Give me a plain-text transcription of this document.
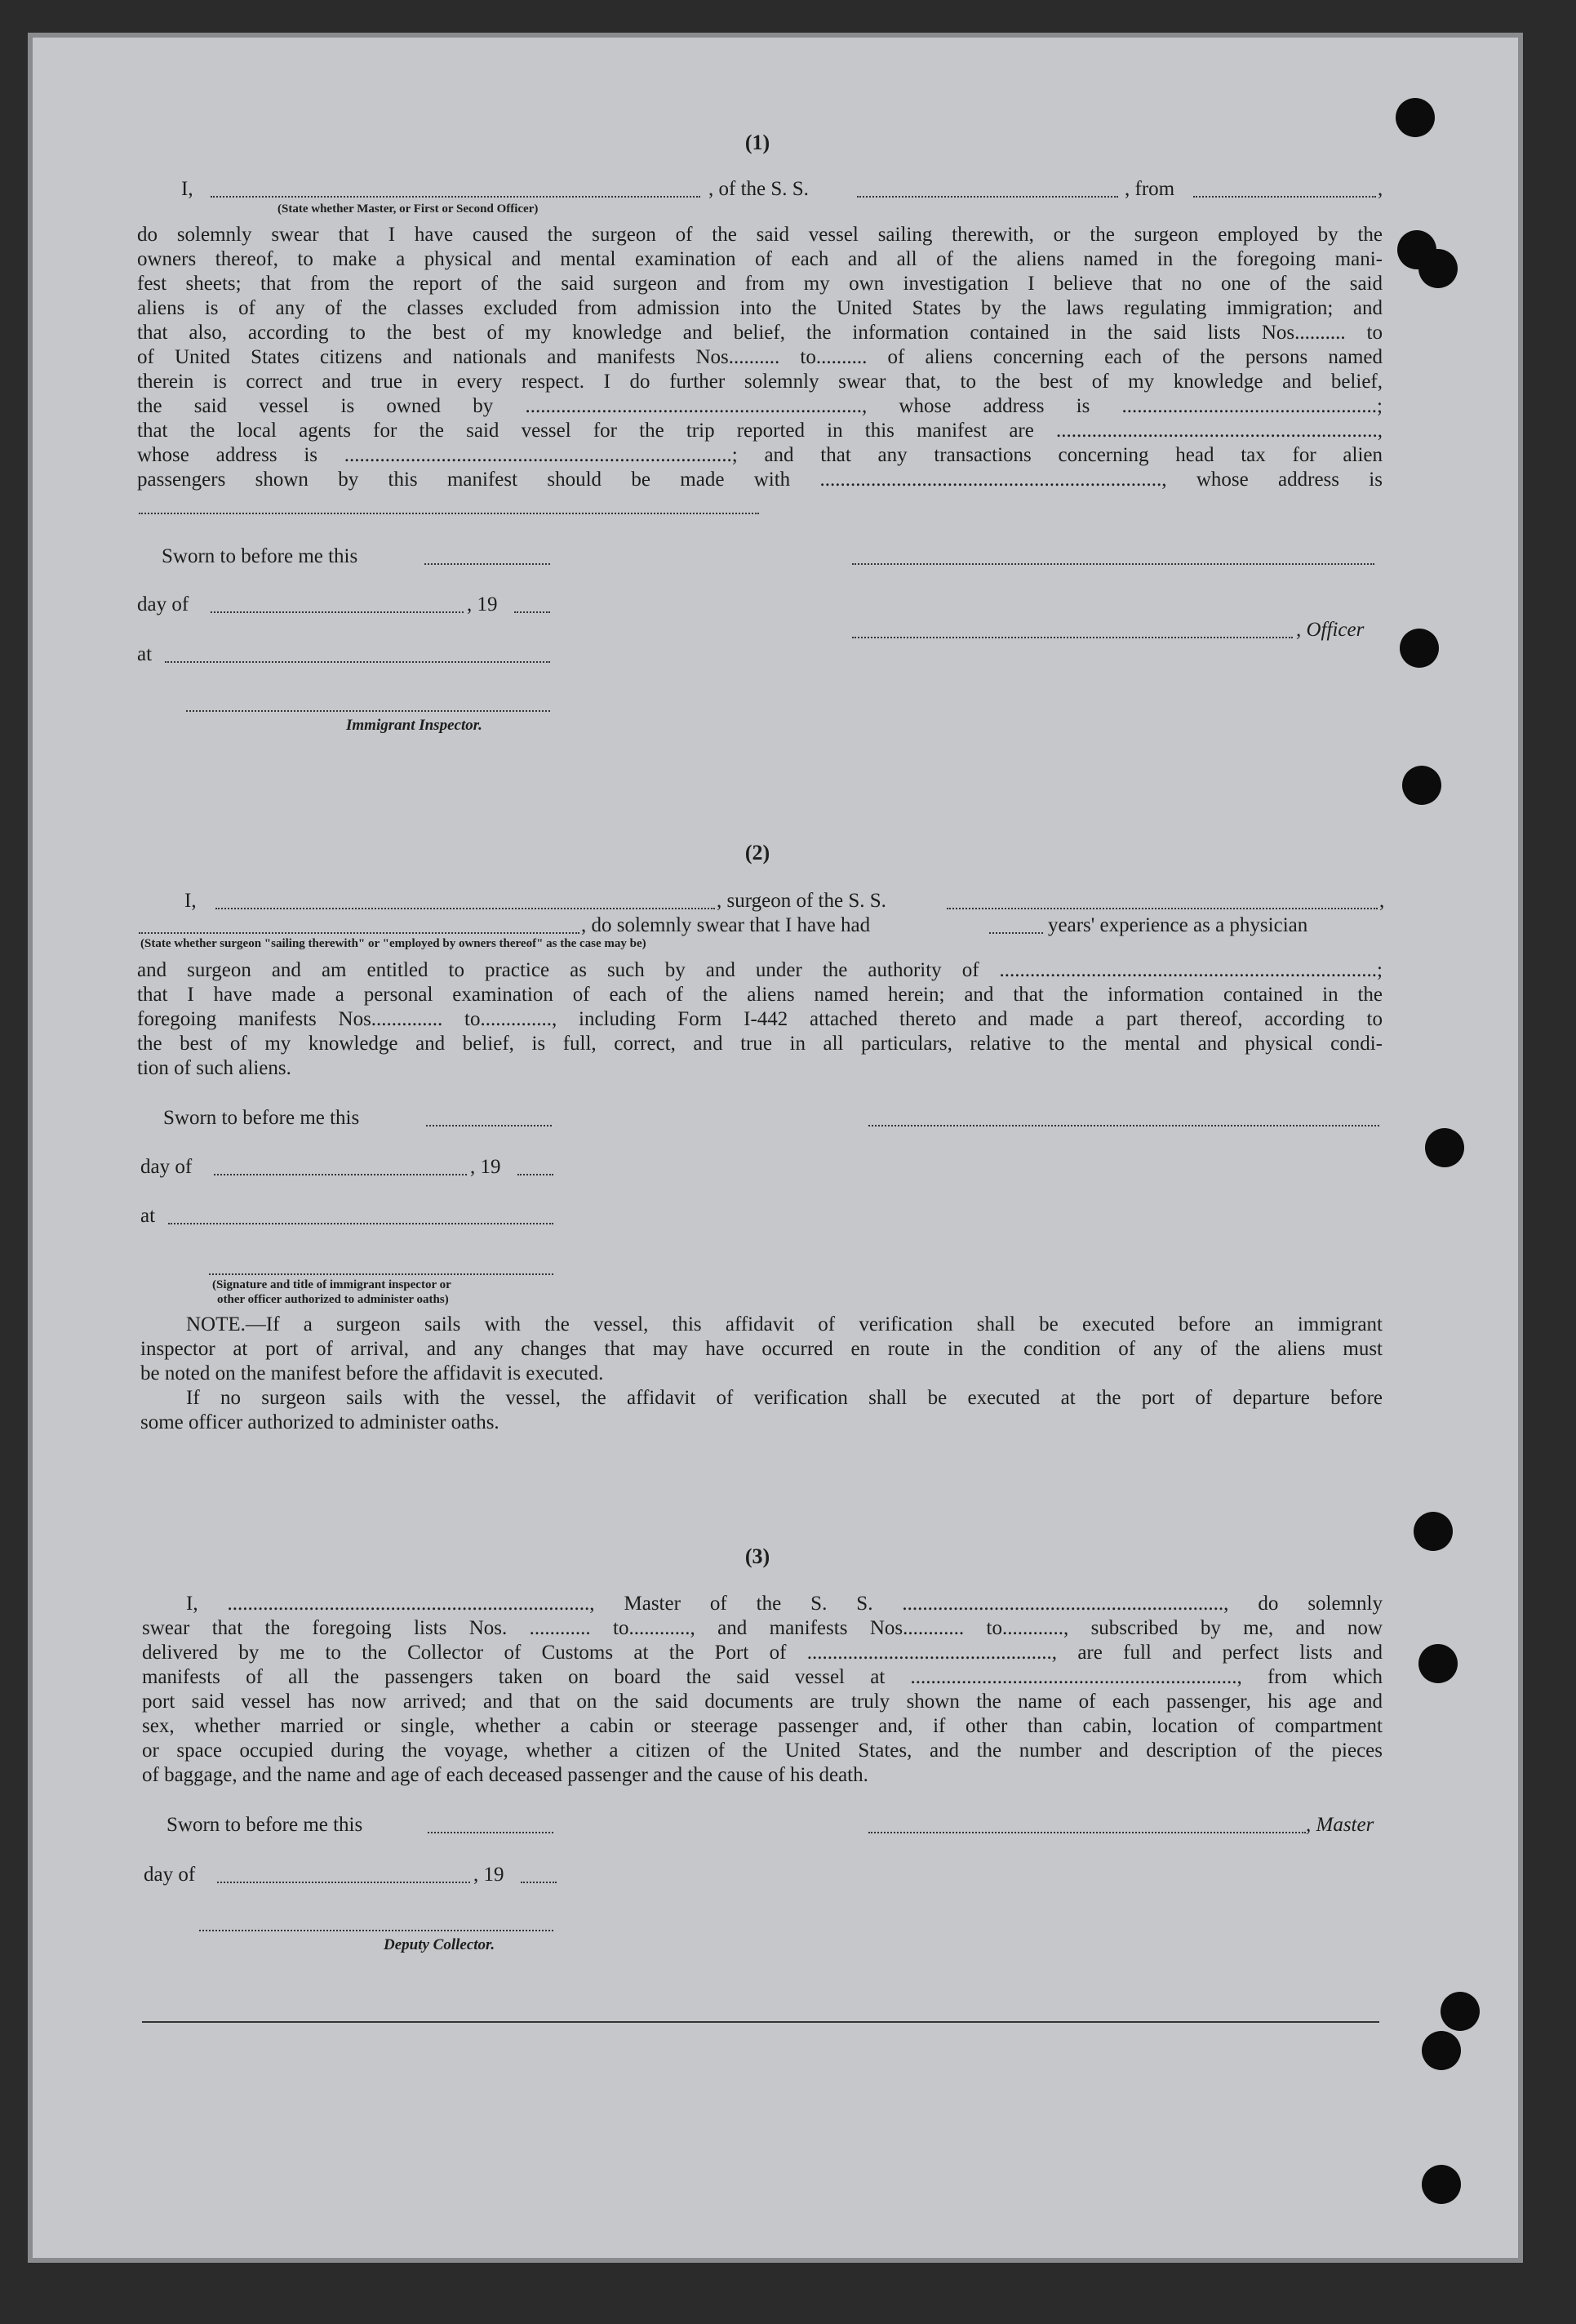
(1)
I,	, of the S. S.	, from	,
(State whether Master, or First or Second Officer)
do solemnly swear that I have caused the surgeon of the said vessel sailing therewith, or the surgeon employed by the
owners thereof, to make a physical and mental examination of each and all of the aliens named in the foregoing mani-
fest sheets; that from the report of the said surgeon and from my own investigation I believe that no one of the said
aliens is of any of the classes excluded from admission into the United States by the laws regulating immigration; and
that also, according to the best of my knowledge and belief, the information contained in the said lists Nos.......... to
of United States citizens and nationals and manifests Nos.......... to.......... of aliens concerning each of the persons named
therein is correct and true in every respect. I do further solemnly swear that, to the best of my knowledge and belief,
the said vessel is owned by .................................................................., whose address is ..................................................;
that the local agents for the said vessel for the trip reported in this manifest are ...............................................................,
whose address is ............................................................................; and that any transactions concerning head tax for alien
passengers shown by this manifest should be made with ..................................................................., whose address is
Sworn to before me this
day of	, 19
, Officer
at
Immigrant Inspector.
(2)
I,	, surgeon of the S. S.	,
, do solemnly swear that I have had	years' experience as a physician
(State whether surgeon "sailing therewith" or "employed by owners thereof" as the case may be)
and surgeon and am entitled to practice as such by and under the authority of ..........................................................................;
that I have made a personal examination of each of the aliens named herein; and that the information contained in the
foregoing manifests Nos.............. to.............., including Form I-442 attached thereto and made a part thereof, according to
the best of my knowledge and belief, is full, correct, and true in all particulars, relative to the mental and physical condi-
tion of such aliens.
Sworn to before me this
day of	, 19
at
(Signature and title of immigrant inspector or
other officer authorized to administer oaths)
NOTE.—If a surgeon sails with the vessel, this affidavit of verification shall be executed before an immigrant
inspector at port of arrival, and any changes that may have occurred en route in the condition of any of the aliens must
be noted on the manifest before the affidavit is executed.
If no surgeon sails with the vessel, the affidavit of verification shall be executed at the port of departure before
some officer authorized to administer oaths.
(3)
I, ......................................................................., Master of the S. S. ..............................................................., do solemnly
swear that the foregoing lists Nos. ............ to............, and manifests Nos............ to............, subscribed by me, and now
delivered by me to the Collector of Customs at the Port of ................................................, are full and perfect lists and
manifests of all the passengers taken on board the said vessel at ................................................................, from which
port said vessel has now arrived; and that on the said documents are truly shown the name of each passenger, his age and
sex, whether married or single, whether a cabin or steerage passenger and, if other than cabin, location of compartment
or space occupied during the voyage, whether a citizen of the United States, and the number and description of the pieces
of baggage, and the name and age of each deceased passenger and the cause of his death.
Sworn to before me this	, Master
day of	, 19
Deputy Collector.
